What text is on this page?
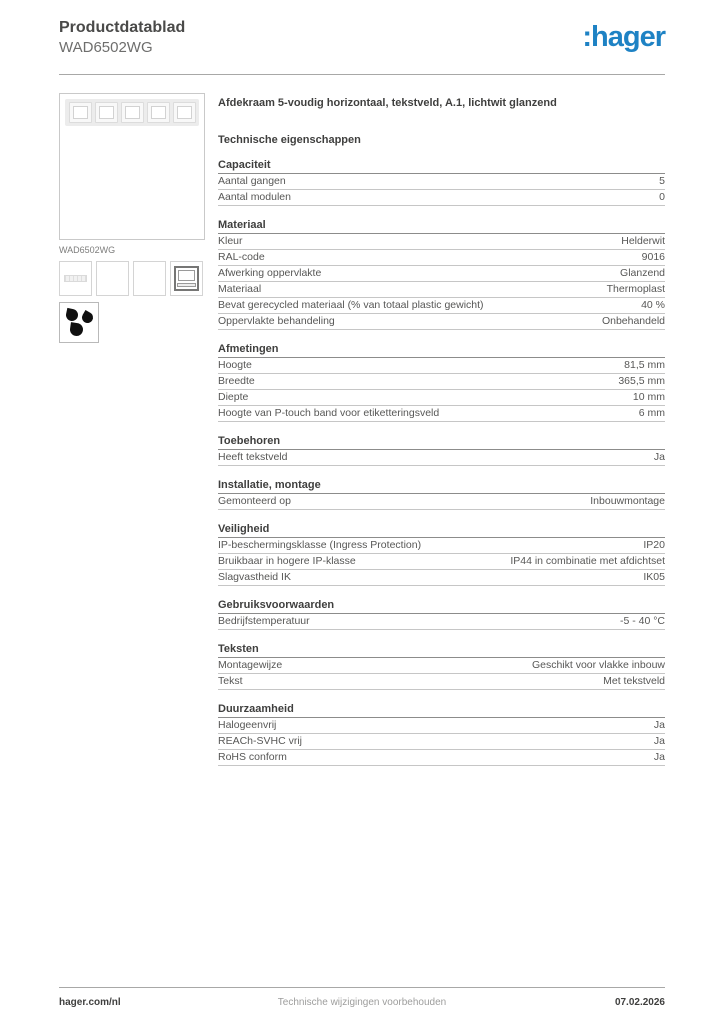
Productdatablad
WAD6502WG	:hager
WAD6502WG

Afdekraam 5-voudig horizontaal, tekstveld, A.1, lichtwit glanzend

Technische eigenschappen
Capaciteit
Aantal gangen	5
Aantal modulen	0
Materiaal
Kleur	Helderwit
RAL-code	9016
Afwerking oppervlakte	Glanzend
Materiaal	Thermoplast
Bevat gerecycled materiaal (% van totaal plastic gewicht)	40 %
Oppervlakte behandeling	Onbehandeld
Afmetingen
Hoogte	81,5 mm
Breedte	365,5 mm
Diepte	10 mm
Hoogte van P-touch band voor etiketteringsveld	6 mm
Toebehoren
Heeft tekstveld	Ja
Installatie, montage
Gemonteerd op	Inbouwmontage
Veiligheid
IP-beschermingsklasse (Ingress Protection)	IP20
Bruikbaar in hogere IP-klasse	IP44 in combinatie met afdichtset
Slagvastheid IK	IK05
Gebruiksvoorwaarden
Bedrijfstemperatuur	-5 - 40 °C
Teksten
Montagewijze	Geschikt voor vlakke inbouw
Tekst	Met tekstveld
Duurzaamheid
Halogeenvrij	Ja
REACh-SVHC vrij	Ja
RoHS conform	Ja
hager.com/nl	Technische wijzigingen voorbehouden	07.02.2026
